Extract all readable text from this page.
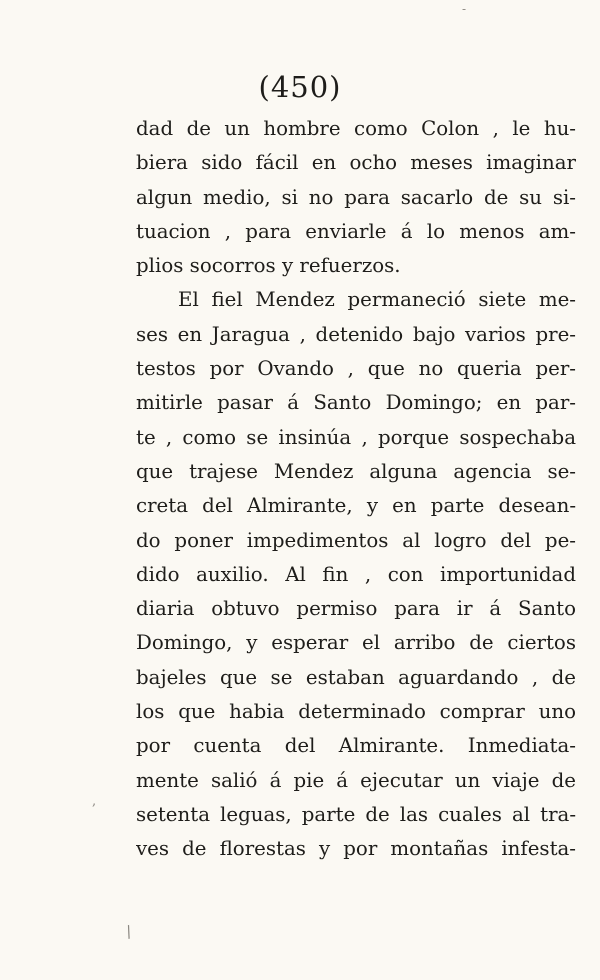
(450)
dad de un hombre como Colon , le hu-
biera sido fácil en ocho meses imaginar
algun medio, si no para sacarlo de su si-
tuacion , para enviarle á lo menos am-
plios socorros y refuerzos.
El fiel Mendez permaneció siete me-
ses en Jaragua , detenido bajo varios pre-
testos por Ovando , que no queria per-
mitirle pasar á Santo Domingo; en par-
te , como se insinúa , porque sospechaba
que trajese Mendez alguna agencia se-
creta del Almirante, y en parte desean-
do poner impedimentos al logro del pe-
dido auxilio. Al fin , con importunidad
diaria obtuvo permiso para ir á Santo
Domingo, y esperar el arribo de ciertos
bajeles que se estaban aguardando , de
los que habia determinado comprar uno
por cuenta del Almirante. Inmediata-
mente salió á pie á ejecutar un viaje de
setenta leguas, parte de las cuales al tra-
ves de florestas y por montañas infesta-
/
,
-
